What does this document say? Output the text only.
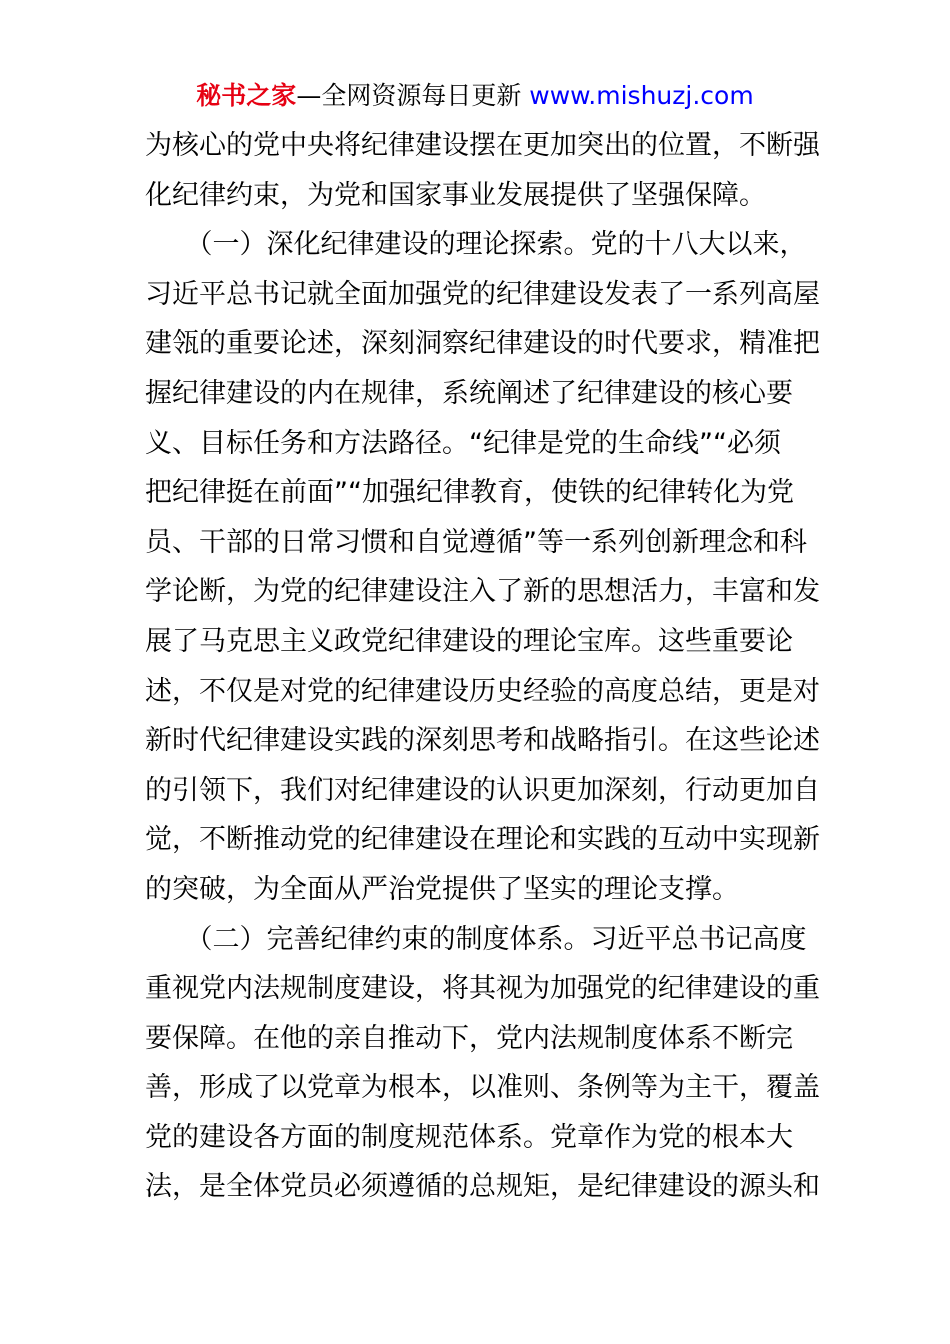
秘书之家—全网资源每日更新 www.mishuzj.com
为核心的党中央将纪律建设摆在更加突出的位置，不断强
化纪律约束，为党和国家事业发展提供了坚强保障。
　　（一）深化纪律建设的理论探索。党的十八大以来，
习近平总书记就全面加强党的纪律建设发表了一系列高屋
建瓴的重要论述，深刻洞察纪律建设的时代要求，精准把
握纪律建设的内在规律，系统阐述了纪律建设的核心要
义、目标任务和方法路径。“纪律是党的生命线”“必须
把纪律挺在前面”“加强纪律教育，使铁的纪律转化为党
员、干部的日常习惯和自觉遵循”等一系列创新理念和科
学论断，为党的纪律建设注入了新的思想活力，丰富和发
展了马克思主义政党纪律建设的理论宝库。这些重要论
述，不仅是对党的纪律建设历史经验的高度总结，更是对
新时代纪律建设实践的深刻思考和战略指引。在这些论述
的引领下，我们对纪律建设的认识更加深刻，行动更加自
觉，不断推动党的纪律建设在理论和实践的互动中实现新
的突破，为全面从严治党提供了坚实的理论支撑。
　　（二）完善纪律约束的制度体系。习近平总书记高度
重视党内法规制度建设，将其视为加强党的纪律建设的重
要保障。在他的亲自推动下，党内法规制度体系不断完
善，形成了以党章为根本，以准则、条例等为主干，覆盖
党的建设各方面的制度规范体系。党章作为党的根本大
法，是全体党员必须遵循的总规矩，是纪律建设的源头和
